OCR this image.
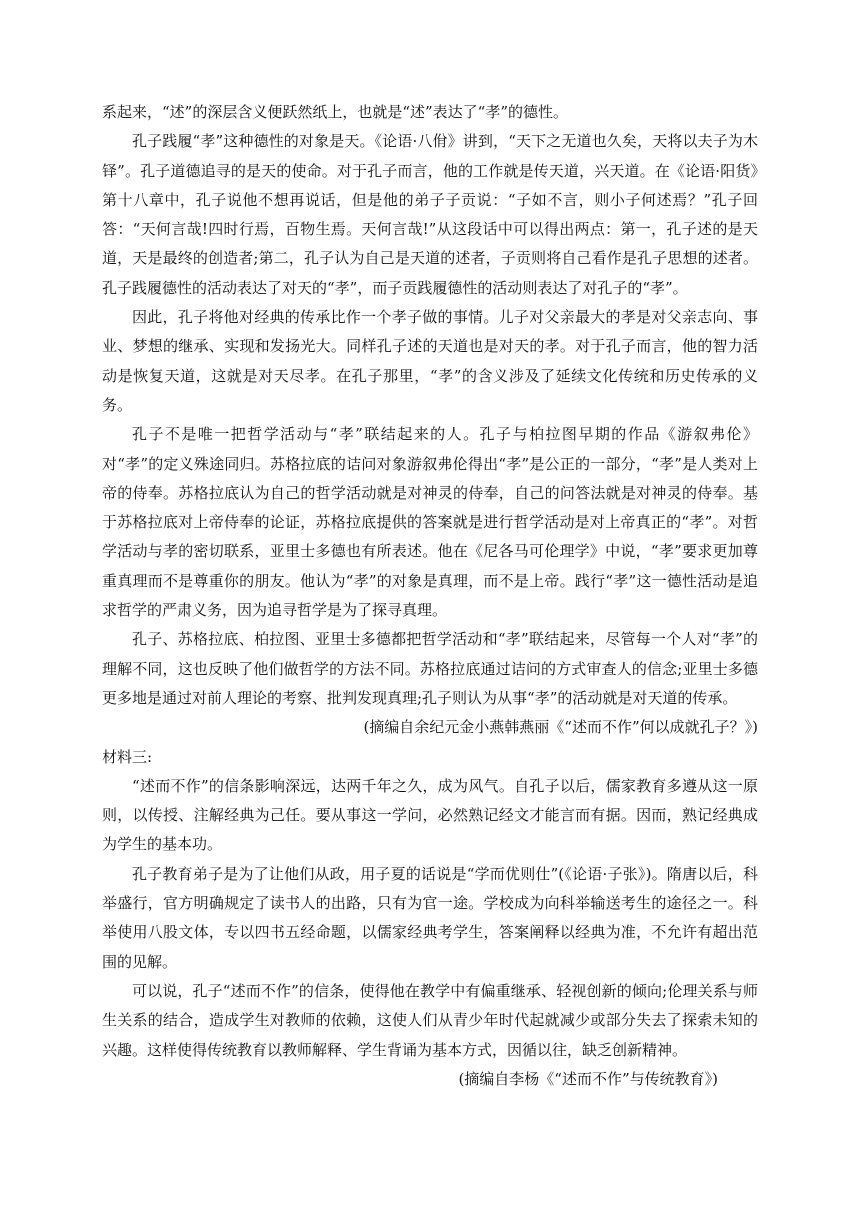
系起来，“述”的深层含义便跃然纸上，也就是“述”表达了“孝”的德性。

孔子践履“孝”这种德性的对象是天。《论语·八佾》讲到，“天下之无道也久矣，天将以夫子为木铎”。孔子道德追寻的是天的使命。对于孔子而言，他的工作就是传天道，兴天道。在《论语·阳货》第十八章中，孔子说他不想再说话，但是他的弟子子贡说：“子如不言，则小子何述焉？”孔子回答：“天何言哉!四时行焉，百物生焉。天何言哉!”从这段话中可以得出两点：第一，孔子述的是天道，天是最终的创造者;第二，孔子认为自己是天道的述者，子贡则将自己看作是孔子思想的述者。孔子践履德性的活动表达了对天的“孝”，而子贡践履德性的活动则表达了对孔子的“孝”。

因此，孔子将他对经典的传承比作一个孝子做的事情。儿子对父亲最大的孝是对父亲志向、事业、梦想的继承、实现和发扬光大。同样孔子述的天道也是对天的孝。对于孔子而言，他的智力活动是恢复天道，这就是对天尽孝。在孔子那里，“孝”的含义涉及了延续文化传统和历史传承的义务。

孔子不是唯一把哲学活动与“孝”联结起来的人。孔子与柏拉图早期的作品《游叙弗伦》对“孝”的定义殊途同归。苏格拉底的诘问对象游叙弗伦得出“孝”是公正的一部分，“孝”是人类对上帝的侍奉。苏格拉底认为自己的哲学活动就是对神灵的侍奉，自己的问答法就是对神灵的侍奉。基于苏格拉底对上帝侍奉的论证，苏格拉底提供的答案就是进行哲学活动是对上帝真正的“孝”。对哲学活动与孝的密切联系，亚里士多德也有所表述。他在《尼各马可伦理学》中说，“孝”要求更加尊重真理而不是尊重你的朋友。他认为“孝”的对象是真理，而不是上帝。践行“孝”这一德性活动是追求哲学的严肃义务，因为追寻哲学是为了探寻真理。

孔子、苏格拉底、柏拉图、亚里士多德都把哲学活动和“孝”联结起来，尽管每一个人对“孝”的理解不同，这也反映了他们做哲学的方法不同。苏格拉底通过诘问的方式审查人的信念;亚里士多德更多地是通过对前人理论的考察、批判发现真理;孔子则认为从事“孝”的活动就是对天道的传承。

(摘编自余纪元金小燕韩燕丽《“述而不作”何以成就孔子？》)

材料三:

“述而不作”的信条影响深远，达两千年之久，成为风气。自孔子以后，儒家教育多遵从这一原则，以传授、注解经典为己任。要从事这一学问，必然熟记经文才能言而有据。因而，熟记经典成为学生的基本功。

孔子教育弟子是为了让他们从政，用子夏的话说是“学而优则仕”(《论语·子张》)。隋唐以后，科举盛行，官方明确规定了读书人的出路，只有为官一途。学校成为向科举输送考生的途径之一。科举使用八股文体，专以四书五经命题，以儒家经典考学生，答案阐释以经典为准，不允许有超出范围的见解。

可以说，孔子“述而不作”的信条，使得他在教学中有偏重继承、轻视创新的倾向;伦理关系与师生关系的结合，造成学生对教师的依赖，这使人们从青少年时代起就减少或部分失去了探索未知的兴趣。这样使得传统教育以教师解释、学生背诵为基本方式，因循以往，缺乏创新精神。

(摘编自李杨《“述而不作”与传统教育》)
